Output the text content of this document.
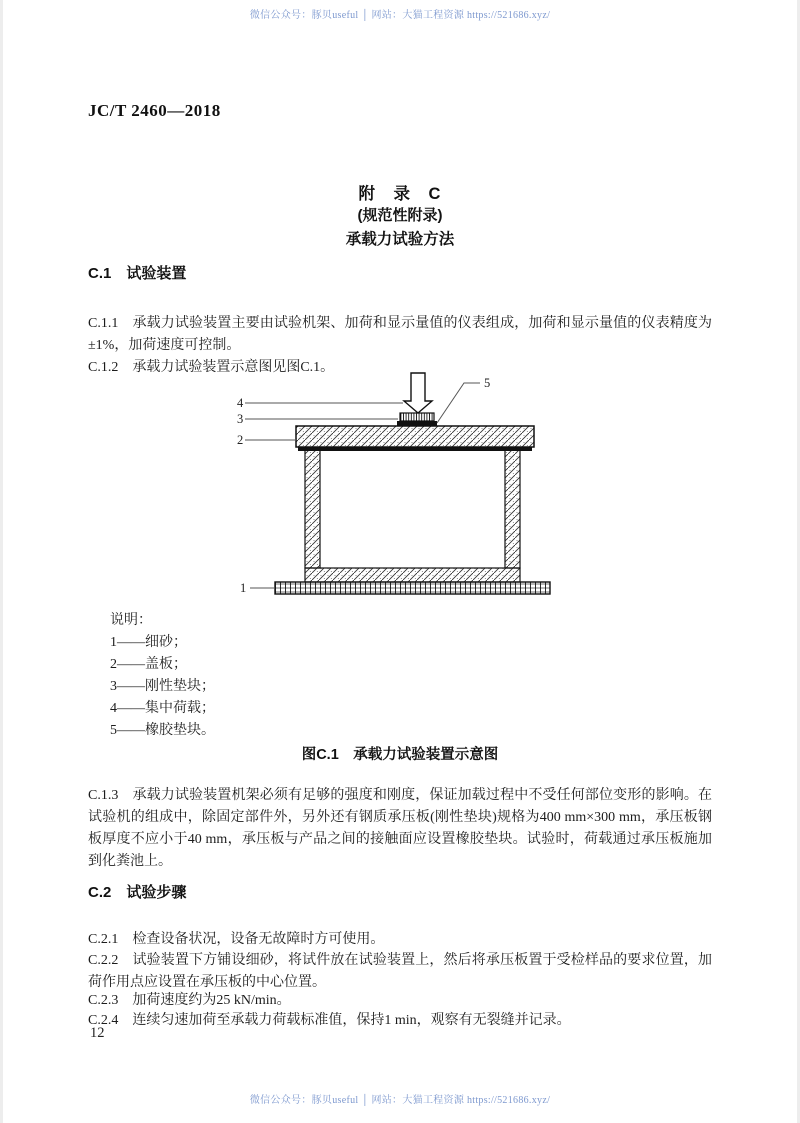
微信公众号：豚贝useful │ 网站：大猫工程资源 https://521686.xyz/
JC/T 2460—2018
附　录　C
(规范性附录)
承载力试验方法
C.1　试验装置

C.1.1 承载力试验装置主要由试验机架、加荷和显示量值的仪表组成，加荷和显示量值的仪表精度为±1%，加荷速度可控制。

C.1.2 承载力试验装置示意图见图C.1。

4
3
2
1
5
说明：
1——细砂；
2——盖板；
3——刚性垫块；
4——集中荷载；
5——橡胶垫块。
图C.1　承载力试验装置示意图

C.1.3 承载力试验装置机架必须有足够的强度和刚度，保证加载过程中不受任何部位变形的影响。在试验机的组成中，除固定部件外，另外还有钢质承压板(刚性垫块)规格为400 mm×300 mm，承压板钢板厚度不应小于40 mm，承压板与产品之间的接触面应设置橡胶垫块。试验时，荷载通过承压板施加到化粪池上。

C.2　试验步骤

C.2.1 检查设备状况，设备无故障时方可使用。

C.2.2 试验装置下方铺设细砂，将试件放在试验装置上，然后将承压板置于受检样品的要求位置，加荷作用点应设置在承压板的中心位置。

C.2.3 加荷速度约为25 kN/min。

C.2.4 连续匀速加荷至承载力荷载标准值，保持1 min，观察有无裂缝并记录。

12
微信公众号：豚贝useful │ 网站：大猫工程资源 https://521686.xyz/
